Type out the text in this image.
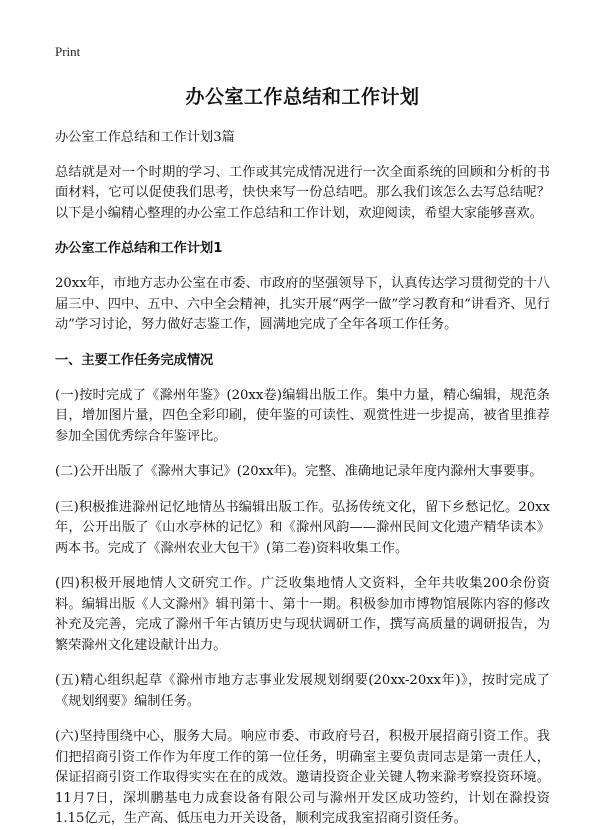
Print
办公室工作总结和工作计划

办公室工作总结和工作计划3篇

总结就是对一个时期的学习、工作或其完成情况进行一次全面系统的回顾和分析的书面材料，它可以促使我们思考，快快来写一份总结吧。那么我们该怎么去写总结呢？以下是小编精心整理的办公室工作总结和工作计划，欢迎阅读，希望大家能够喜欢。

办公室工作总结和工作计划1

20xx年，市地方志办公室在市委、市政府的坚强领导下，认真传达学习贯彻党的十八届三中、四中、五中、六中全会精神，扎实开展“两学一做”学习教育和“讲看齐、见行动”学习讨论，努力做好志鉴工作，圆满地完成了全年各项工作任务。

一、主要工作任务完成情况

(一)按时完成了《滁州年鉴》(20xx卷)编辑出版工作。集中力量，精心编辑，规范条目，增加图片量，四色全彩印刷，使年鉴的可读性、观赏性进一步提高，被省里推荐参加全国优秀综合年鉴评比。

(二)公开出版了《滁州大事记》(20xx年)。完整、准确地记录年度内滁州大事要事。

(三)积极推进滁州记忆地情丛书编辑出版工作。弘扬传统文化，留下乡愁记忆。20xx年，公开出版了《山水亭林的记忆》和《滁州风韵——滁州民间文化遗产精华读本》两本书。完成了《滁州农业大包干》(第二卷)资料收集工作。

(四)积极开展地情人文研究工作。广泛收集地情人文资料，全年共收集200余份资料。编辑出版《人文滁州》辑刊第十、第十一期。积极参加市博物馆展陈内容的修改补充及完善，完成了滁州千年古镇历史与现状调研工作，撰写高质量的调研报告，为繁荣滁州文化建设献计出力。

(五)精心组织起草《滁州市地方志事业发展规划纲要(20xx-20xx年)》，按时完成了《规划纲要》编制任务。

(六)坚持围绕中心，服务大局。响应市委、市政府号召，积极开展招商引资工作。我们把招商引资工作作为年度工作的第一位任务，明确室主要负责同志是第一责任人，保证招商引资工作取得实实在在的成效。邀请投资企业关键人物来滁考察投资环境。11月7日，深圳鹏基电力成套设备有限公司与滁州开发区成功签约，计划在滁投资1.15亿元，生产高、低压电力开关设备，顺利完成我室招商引资任务。
